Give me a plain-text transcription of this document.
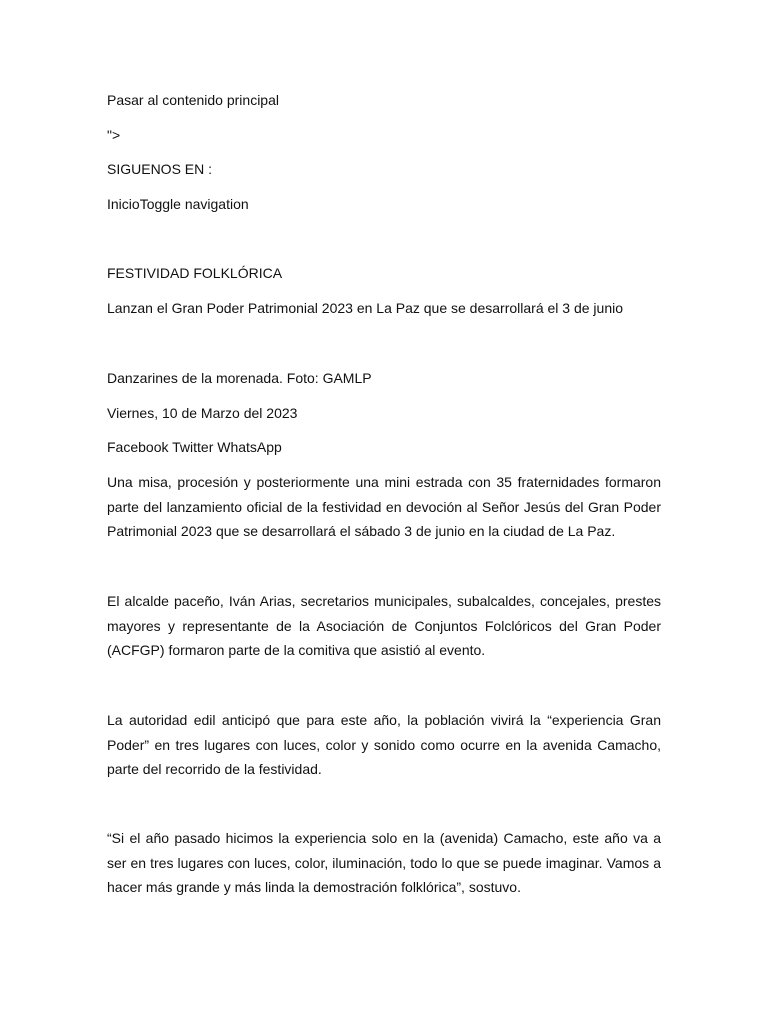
Pasar al contenido principal
">
SIGUENOS EN :
InicioToggle navigation
FESTIVIDAD FOLKLÓRICA
Lanzan el Gran Poder Patrimonial 2023 en La Paz que se desarrollará el 3 de junio
Danzarines de la morenada. Foto: GAMLP
Viernes, 10 de Marzo del 2023
Facebook Twitter WhatsApp
Una misa, procesión y posteriormente una mini estrada con 35 fraternidades formaron parte del lanzamiento oficial de la festividad en devoción al Señor Jesús del Gran Poder Patrimonial 2023 que se desarrollará el sábado 3 de junio en la ciudad de La Paz.
El alcalde paceño, Iván Arias, secretarios municipales, subalcaldes, concejales, prestes mayores y representante de la Asociación de Conjuntos Folclóricos del Gran Poder (ACFGP) formaron parte de la comitiva que asistió al evento.
La autoridad edil anticipó que para este año, la población vivirá la “experiencia Gran Poder” en tres lugares con luces, color y sonido como ocurre en la avenida Camacho, parte del recorrido de la festividad.
“Si el año pasado hicimos la experiencia solo en la (avenida) Camacho, este año va a ser en tres lugares con luces, color, iluminación, todo lo que se puede imaginar. Vamos a hacer más grande y más linda la demostración folklórica”, sostuvo.
